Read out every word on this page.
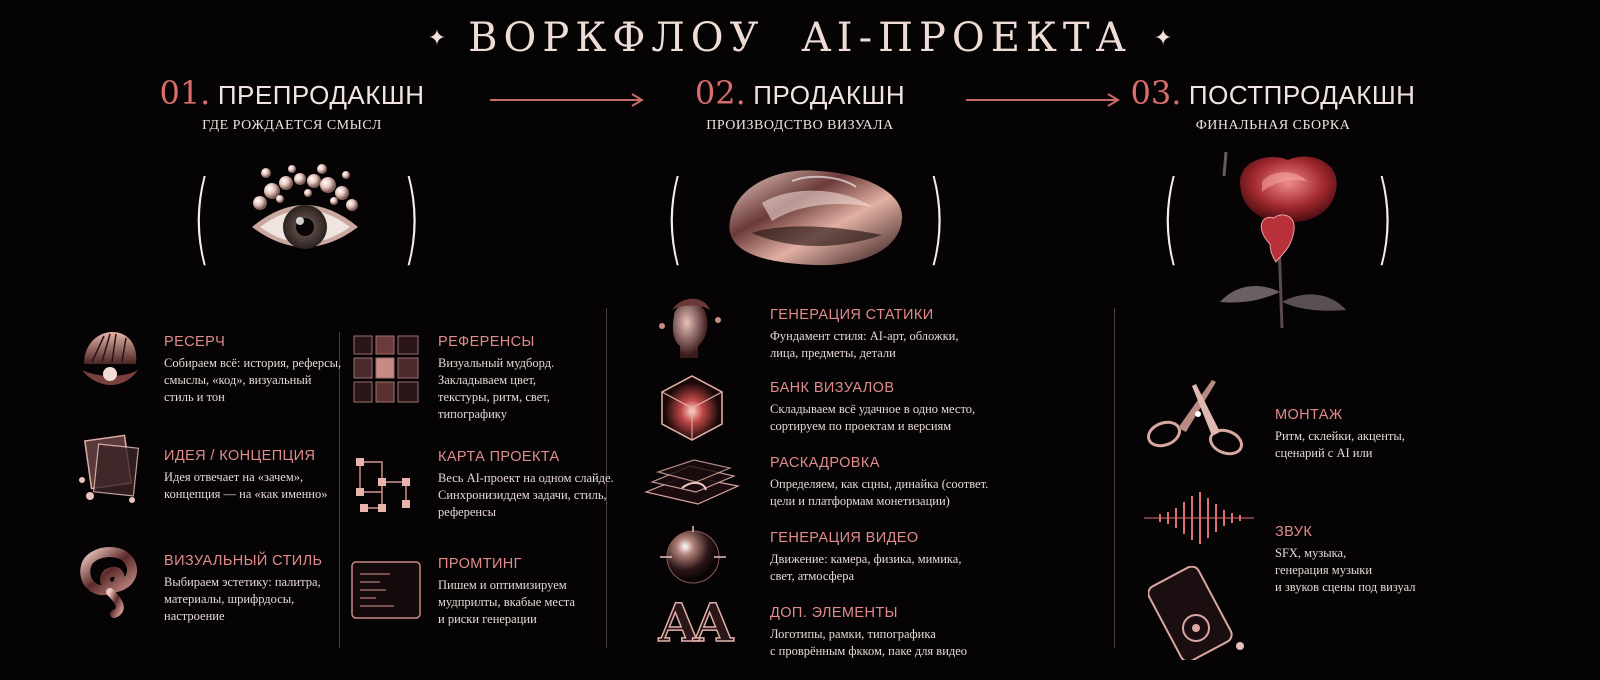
✦ ВОРКФЛОУ  AI-ПРОЕКТА ✦
01. ПРЕПРОДАКШН
ГДЕ РОЖДАЕТСЯ СМЫСЛ
02. ПРОДАКШН
ПРОИЗВОДСТВО ВИЗУАЛА
03. ПОСТПРОДАКШН
ФИНАЛЬНАЯ СБОРКА
( ) ( ) ( )
РЕСЕРЧ
Собираем всё: история, реферсы,
смыслы, «код», визуальный
стиль и тон
ИДЕЯ / КОНЦЕПЦИЯ
Идея отвечает на «зачем»,
концепция — на «как именно»
ВИЗУАЛЬНЫЙ СТИЛЬ
Выбираем эстетику: палитра,
материалы, шрифрдосы,
настроение
РЕФЕРЕНСЫ
Визуальный мудборд.
Закладываем цвет,
текстуры, ритм, свет,
типографику
КАРТА ПРОЕКТА
Весь AI-проект на одном слайде.
Синхронизиддем задачи, стиль,
референсы
ПРОМТИНГ
Пишем и оптимизируем
мудприлты, вкабые места
и риски генерации
ГЕНЕРАЦИЯ СТАТИКИ
Фундамент стиля: AI-арт, обложки,
лица, предметы, детали
БАНК ВИЗУАЛОВ
Складываем всё удачное в одно место,
сортируем по проектам и версиям
РАСКАДРОВКА
Определяем, как сцны, динайка (соответ.
цели и платформам монетизации)
ГЕНЕРАЦИЯ ВИДЕО
Движение: камера, физика, мимика,
свет, атмосфера
AA	ДОП. ЭЛЕМЕНТЫ
Логотипы, рамки, типографика
с проврённым фкком, паке для видео
МОНТАЖ
Ритм, склейки, акценты,
сценарий с AI или
ЗВУК
SFX, музыка,
генерация музыки
и звуков сцены под визуал
